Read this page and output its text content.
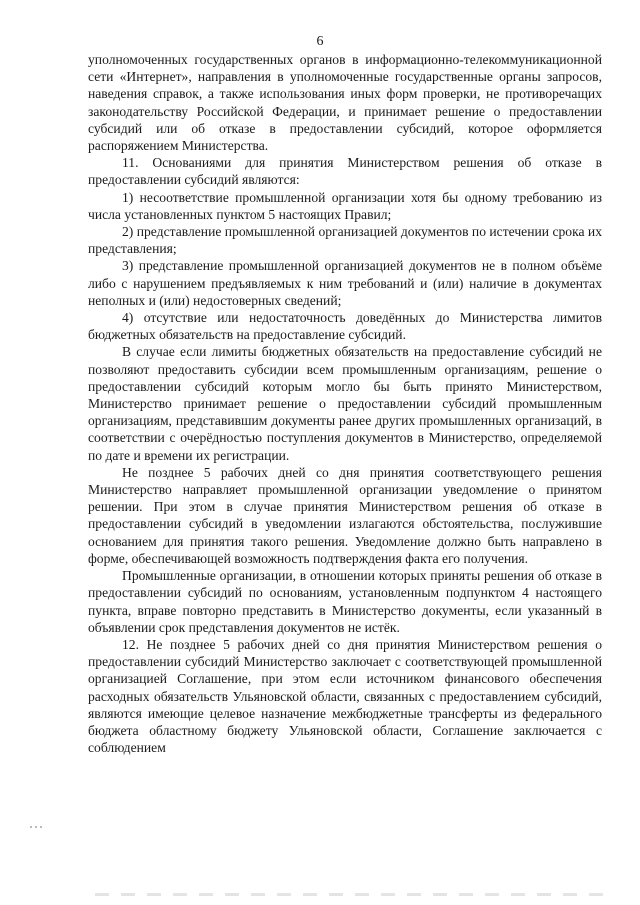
6

уполномоченных государственных органов в информационно-телекоммуникационной сети «Интернет», направления в уполномоченные государственные органы запросов, наведения справок, а также использования иных форм проверки, не противоречащих законодательству Российской Федерации, и принимает решение о предоставлении субсидий или об отказе в предоставлении субсидий, которое оформляется распоряжением Министерства.

11. Основаниями для принятия Министерством решения об отказе в предоставлении субсидий являются:

1) несоответствие промышленной организации хотя бы одному требованию из числа установленных пунктом 5 настоящих Правил;

2) представление промышленной организацией документов по истечении срока их представления;

3) представление промышленной организацией документов не в полном объёме либо с нарушением предъявляемых к ним требований и (или) наличие в документах неполных и (или) недостоверных сведений;

4) отсутствие или недостаточность доведённых до Министерства лимитов бюджетных обязательств на предоставление субсидий.

В случае если лимиты бюджетных обязательств на предоставление субсидий не позволяют предоставить субсидии всем промышленным организациям, решение о предоставлении субсидий которым могло бы быть принято Министерством, Министерство принимает решение о предоставлении субсидий промышленным организациям, представившим документы ранее других промышленных организаций, в соответствии с очерёдностью поступления документов в Министерство, определяемой по дате и времени их регистрации.

Не позднее 5 рабочих дней со дня принятия соответствующего решения Министерство направляет промышленной организации уведомление о принятом решении. При этом в случае принятия Министерством решения об отказе в предоставлении субсидий в уведомлении излагаются обстоятельства, послужившие основанием для принятия такого решения. Уведомление должно быть направлено в форме, обеспечивающей возможность подтверждения факта его получения.

Промышленные организации, в отношении которых приняты решения об отказе в предоставлении субсидий по основаниям, установленным подпунктом 4 настоящего пункта, вправе повторно представить в Министерство документы, если указанный в объявлении срок представления документов не истёк.

12. Не позднее 5 рабочих дней со дня принятия Министерством решения о предоставлении субсидий Министерство заключает с соответствующей промышленной организацией Соглашение, при этом если источником финансового обеспечения расходных обязательств Ульяновской области, связанных с предоставлением субсидий, являются имеющие целевое назначение межбюджетные трансферты из федерального бюджета областному бюджету Ульяновской области, Соглашение заключается с соблюдением
